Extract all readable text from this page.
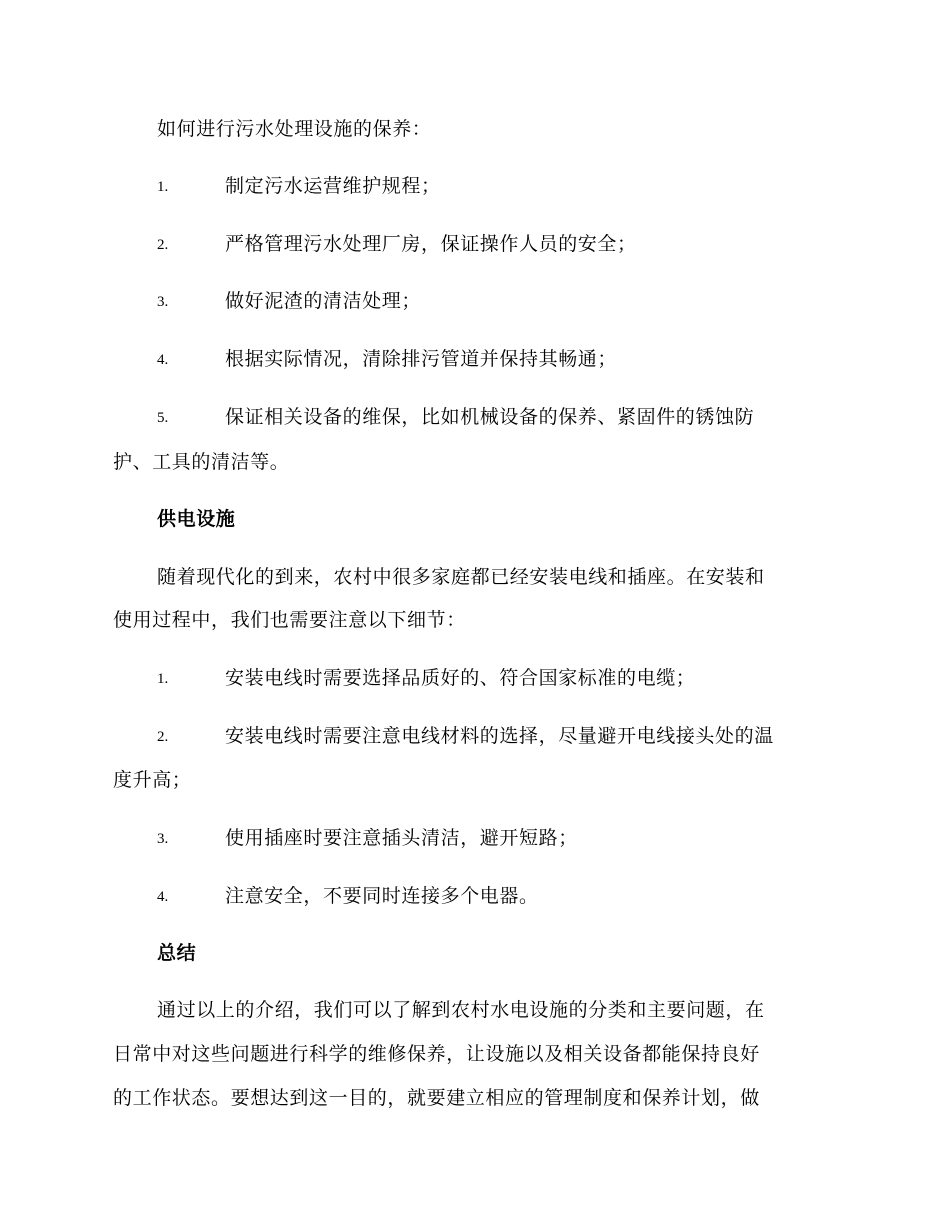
如何进行污水处理设施的保养：
1.	制定污水运营维护规程；
2.	严格管理污水处理厂房，保证操作人员的安全；
3.	做好泥渣的清洁处理；
4.	根据实际情况，清除排污管道并保持其畅通；
5.	保证相关设备的维保，比如机械设备的保养、紧固件的锈蚀防
护、工具的清洁等。
供电设施
随着现代化的到来，农村中很多家庭都已经安装电线和插座。在安装和
使用过程中，我们也需要注意以下细节：
1.	安装电线时需要选择品质好的、符合国家标准的电缆；
2.	安装电线时需要注意电线材料的选择，尽量避开电线接头处的温
度升高；
3.	使用插座时要注意插头清洁，避开短路；
4.	注意安全，不要同时连接多个电器。
总结
通过以上的介绍，我们可以了解到农村水电设施的分类和主要问题，在
日常中对这些问题进行科学的维修保养，让设施以及相关设备都能保持良好
的工作状态。要想达到这一目的，就要建立相应的管理制度和保养计划，做
